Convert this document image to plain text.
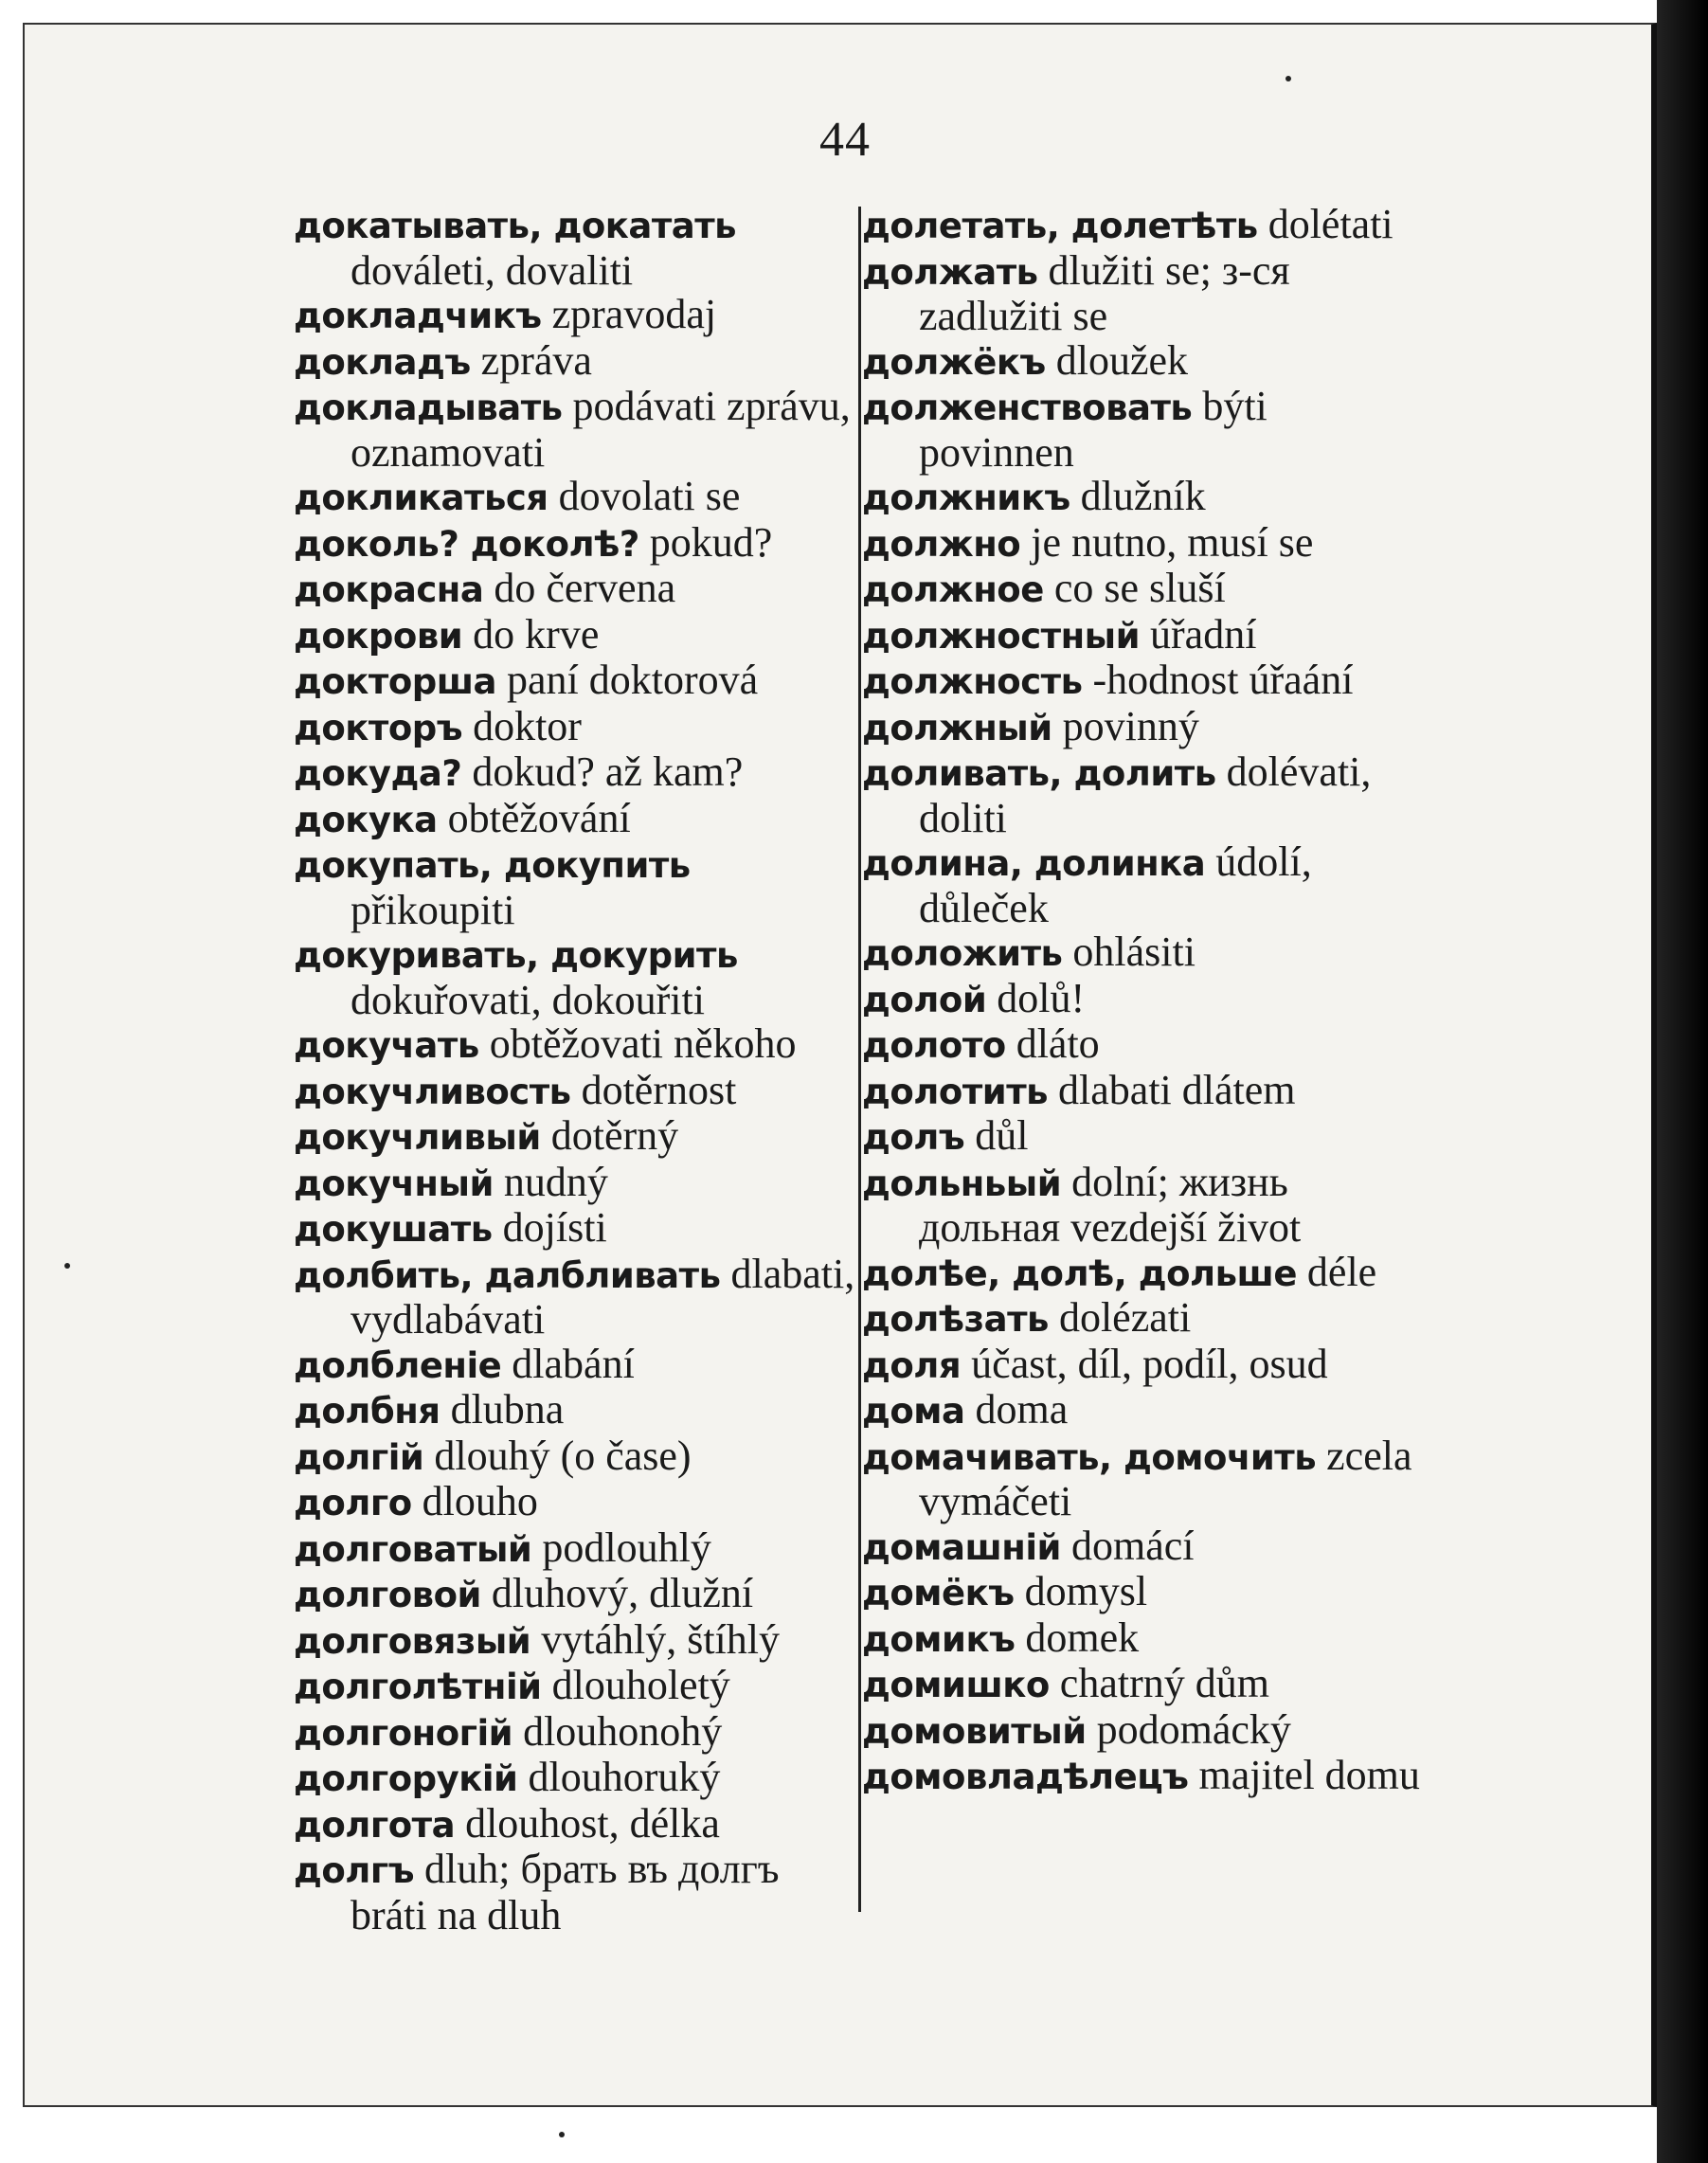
44

докатывать, докатать dováleti, dovaliti

докладчикъ zpravodaj

докладъ zpráva

докладывать podávati zprávu, oznamovati

докликаться dovolati se

доколь? доколѣ? pokud?

докрасна do červena

докрови do krve

докторша paní doktorová

докторъ doktor

докуда? dokud? až kam?

докука obtěžování

докупать, докупить přikoupiti

докуривать, докурить dokuřovati, dokouřiti

докучать obtěžovati někoho

докучливость dotěrnost

докучливый dotěrný

докучный nudný

докушать dojísti

долбить, далбливать dlabati, vydlabávati

долбленіе dlabání

долбня dlubna

долгій dlouhý (o čase)

долго dlouho

долговатый podlouhlý

долговой dluhový, dlužní

долговязый vytáhlý, štíhlý

долголѣтній dlouholetý

долгоногій dlouhonohý

долгорукій dlouhoruký

долгота dlouhost, délka

долгъ dluh; брать въ долгъ bráti na dluh

долетать, долетѣть dolétati

должать dlužiti se; з-ся zadlužiti se

должёкъ dloužek

долженствовать býti povinnen

должникъ dlužník

должно je nutno, musí se

должное co se sluší

должностный úřadní

должность -hodnost úřaání

должный povinný

доливать, долить dolévati, doliti

долина, долинка údolí, důleček

доложить ohlásiti

долой dolů!

долото dláto

долотить dlabati dlátem

долъ důl

дольньый dolní; жизнь дольная vezdejší život

долѣе, долѣ, дольше déle

долѣзать dolézati

доля účast, díl, podíl, osud

дома doma

домачивать, домочить zcela vymáčeti

домашній domácí

домёкъ domysl

домикъ domek

домишко chatrný dům

домовитый podomácký

домовладѣлецъ majitel domu
